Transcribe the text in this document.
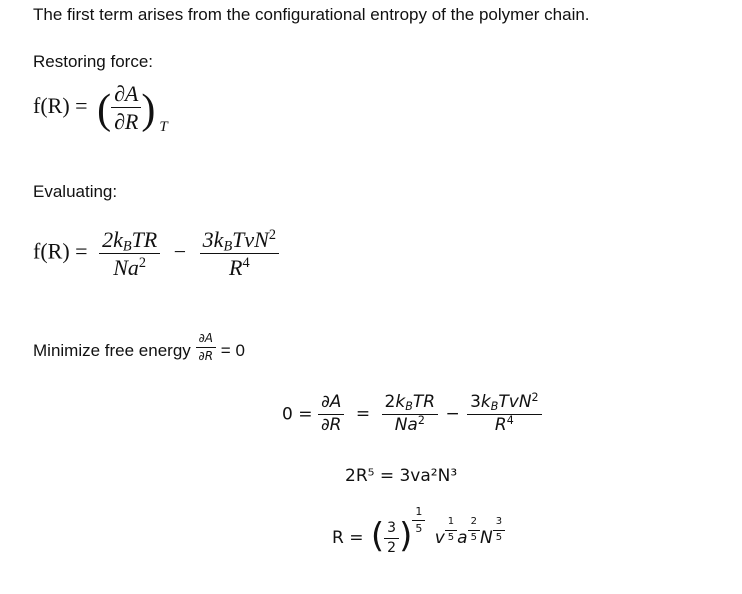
The first term arises from the configurational entropy of the polymer chain.
Restoring force:
Evaluating:
f(R) = ( $\frac{\partial A}{\partial R}$ ) $_T$
$f(R) = \frac{2k_BTR}{Na^2} - \frac{3k_BTvN^2}{R^4}$
Minimize free energy $\frac{\partial A}{\partial R} = 0$
$0 = \frac{\partial A}{\partial R} = \frac{2k_BTR}{Na^2} - \frac{3k_BTvN^2}{R^4}$
2R⁵ = 3va²N³
R = ( $\frac{3}{2}$ ) $\frac{1}{5}$
v $\frac{1}{5}$ a $\frac{2}{5}$ N $\frac{3}{5}$
